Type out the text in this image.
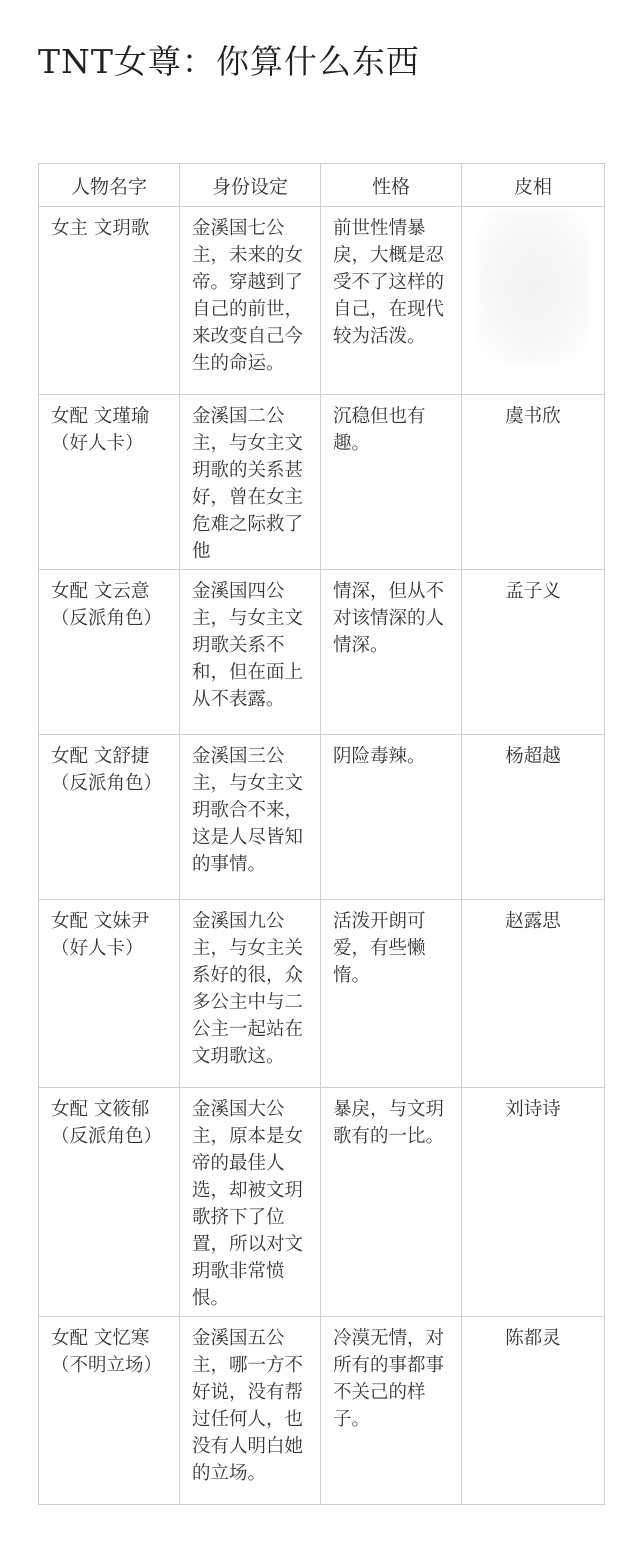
TNT女尊：你算什么东西
人物名字	身份设定	性格	皮相

女主 文玥歌	金溪国七公主，未来的女帝。穿越到了自己的前世，来改变自己今生的命运。	前世性情暴戾，大概是忍受不了这样的自己，在现代较为活泼。	

女配 文瑾瑜（好人卡）	金溪国二公主，与女主文玥歌的关系甚好，曾在女主危难之际救了他	沉稳但也有趣。	虞书欣

女配 文云意（反派角色）	金溪国四公主，与女主文玥歌关系不和，但在面上从不表露。	情深，但从不对该情深的人情深。	孟子义

女配 文舒捷（反派角色）	金溪国三公主，与女主文玥歌合不来，这是人尽皆知的事情。	阴险毒辣。	杨超越

女配 文妹尹（好人卡）	金溪国九公主，与女主关系好的很，众多公主中与二公主一起站在文玥歌这。	活泼开朗可爱，有些懒惰。	赵露思

女配 文筱郁（反派角色）	金溪国大公主，原本是女帝的最佳人选，却被文玥歌挤下了位置，所以对文玥歌非常愤恨。	暴戾，与文玥歌有的一比。	刘诗诗

女配 文忆寒（不明立场）	金溪国五公主，哪一方不好说，没有帮过任何人，也没有人明白她的立场。	冷漠无情，对所有的事都事不关己的样子。	陈都灵
